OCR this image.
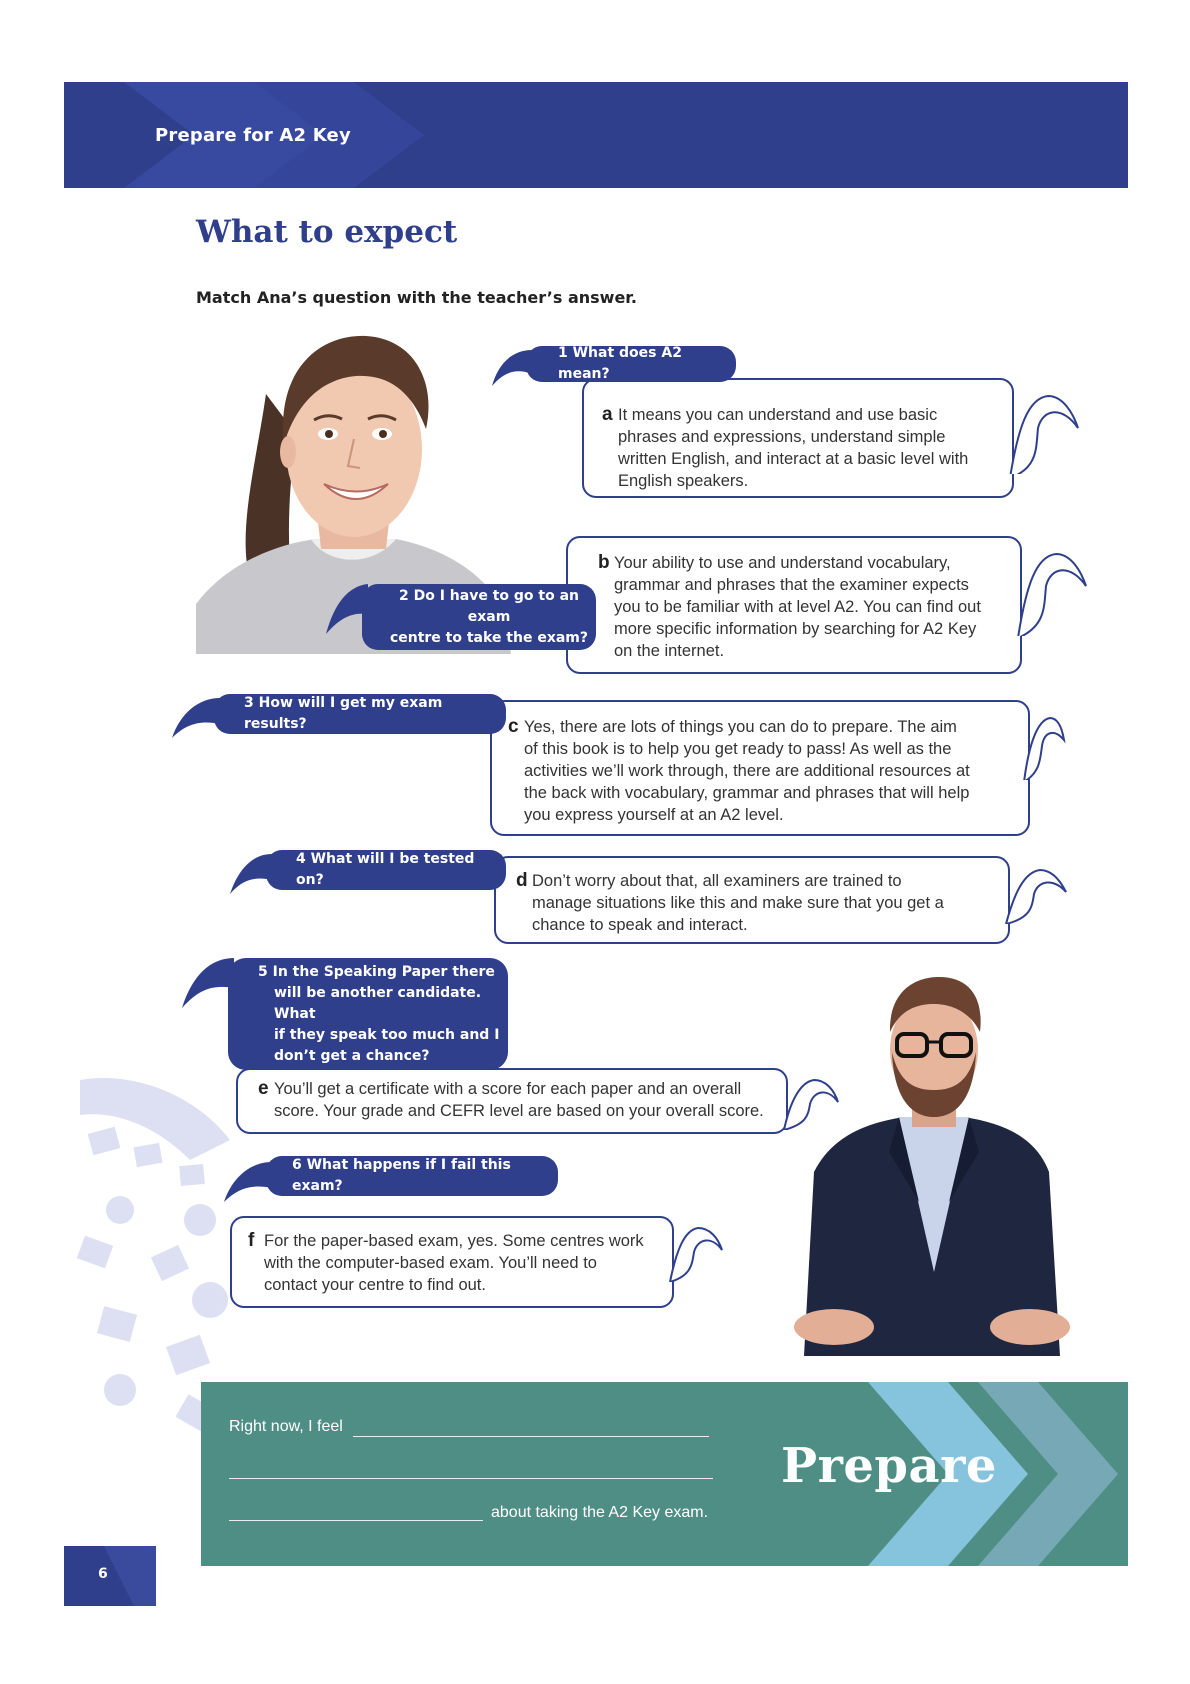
Prepare for A2 Key
What to expect

Match Ana’s question with the teacher’s answer.

a It means you can understand and use basic
phrases and expressions, understand simple
written English, and interact at a basic level with
English speakers.
b Your ability to use and understand vocabulary,
grammar and phrases that the examiner expects
you to be familiar with at level A2. You can find out
more specific information by searching for A2 Key
on the internet.
c Yes, there are lots of things you can do to prepare. The aim
of this book is to help you get ready to pass! As well as the
activities we’ll work through, there are additional resources at
the back with vocabulary, grammar and phrases that will help
you express yourself at an A2 level.
d Don’t worry about that, all examiners are trained to
manage situations like this and make sure that you get a
chance to speak and interact.
e You’ll get a certificate with a score for each paper and an overall
score. Your grade and CEFR level are based on your overall score.
f For the paper-based exam, yes. Some centres work
with the computer-based exam. You’ll need to
contact your centre to find out.
1 What does A2 mean?
2 Do I have to go to an exam
centre to take the exam?
3 How will I get my exam results?
4 What will I be tested on?
5 In the Speaking Paper there
will be another candidate. What
if they speak too much and I
don’t get a chance?
6 What happens if I fail this exam?
Right now, I feel
about taking the A2 Key exam.
Prepare
6
